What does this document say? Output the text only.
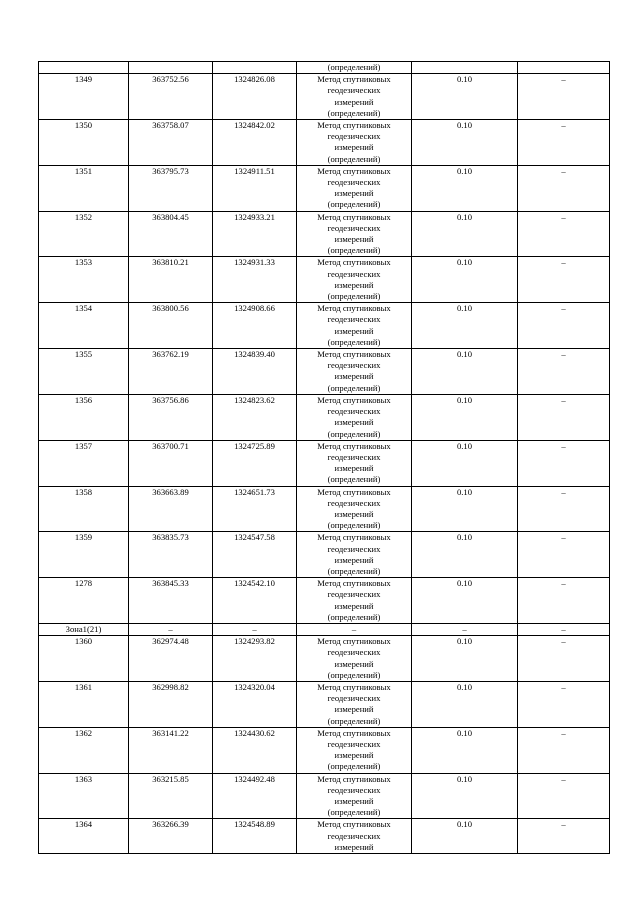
			(определений)		
1349	363752.56	1324826.08	Метод спутниковых
геодезических
измерений
(определений)	0.10	–
1350	363758.07	1324842.02	Метод спутниковых
геодезических
измерений
(определений)	0.10	–
1351	363795.73	1324911.51	Метод спутниковых
геодезических
измерений
(определений)	0.10	–
1352	363804.45	1324933.21	Метод спутниковых
геодезических
измерений
(определений)	0.10	–
1353	363810.21	1324931.33	Метод спутниковых
геодезических
измерений
(определений)	0.10	–
1354	363800.56	1324908.66	Метод спутниковых
геодезических
измерений
(определений)	0.10	–
1355	363762.19	1324839.40	Метод спутниковых
геодезических
измерений
(определений)	0.10	–
1356	363756.86	1324823.62	Метод спутниковых
геодезических
измерений
(определений)	0.10	–
1357	363700.71	1324725.89	Метод спутниковых
геодезических
измерений
(определений)	0.10	–
1358	363663.89	1324651.73	Метод спутниковых
геодезических
измерений
(определений)	0.10	–
1359	363835.73	1324547.58	Метод спутниковых
геодезических
измерений
(определений)	0.10	–
1278	363845.33	1324542.10	Метод спутниковых
геодезических
измерений
(определений)	0.10	–
Зона1(21)	–	–	–	–	–
1360	362974.48	1324293.82	Метод спутниковых
геодезических
измерений
(определений)	0.10	–
1361	362998.82	1324320.04	Метод спутниковых
геодезических
измерений
(определений)	0.10	–
1362	363141.22	1324430.62	Метод спутниковых
геодезических
измерений
(определений)	0.10	–
1363	363215.85	1324492.48	Метод спутниковых
геодезических
измерений
(определений)	0.10	–
1364	363266.39	1324548.89	Метод спутниковых
геодезических
измерений	0.10	–
